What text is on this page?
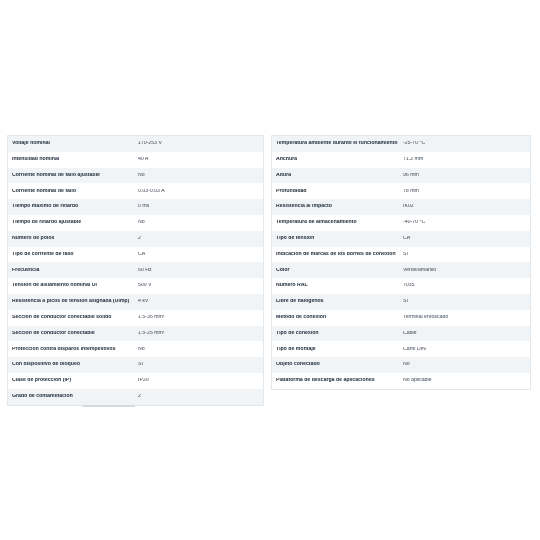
Voltaje nominal	170-253 V
Intensidad nominal	40 A
Corriente nominal de fallo ajustable	No
Corriente nominal de fallo	0.03-0.03 A
Tiempo máximo de retardo	0 ms
Tiempo de retardo ajustable	No
Número de polos	2
Tipo de corriente de fallo	CA
Frecuencia	50 Hz
Tensión de aislamiento nominal Ui	500 V
Resistencia a picos de tensión asignada (Uimp)	4 kV
Sección de conductor conectable sólido	1.5-35 mm²
Sección de conductor conectable	1.5-25 mm²
Protección contra disparos intempestivos	No
Con dispositivo de bloqueo	Sí
Clase de protección (IP)	IP20
Grado de contaminación	2
Temperatura ambiente durante el funcionamiento	-25-70 °C
Anchura	71.2 mm
Altura	96 mm
Profundidad	78 mm
Resistencia al impacto	IK02
Temperatura de almacenamiento	-40-70 °C
Tipo de tensión	CA
Indicación de marcas de los bornes de conexión	Sí
Color	Verde/amarillo
Número RAL	7035
Libre de halógenos	Sí
Método de conexión	Terminal enroscado
Tipo de conexión	Cable
Tipo de montaje	Carril DIN
Objeto conectado	No
Plataforma de descarga de aplicaciones	No aplicable
